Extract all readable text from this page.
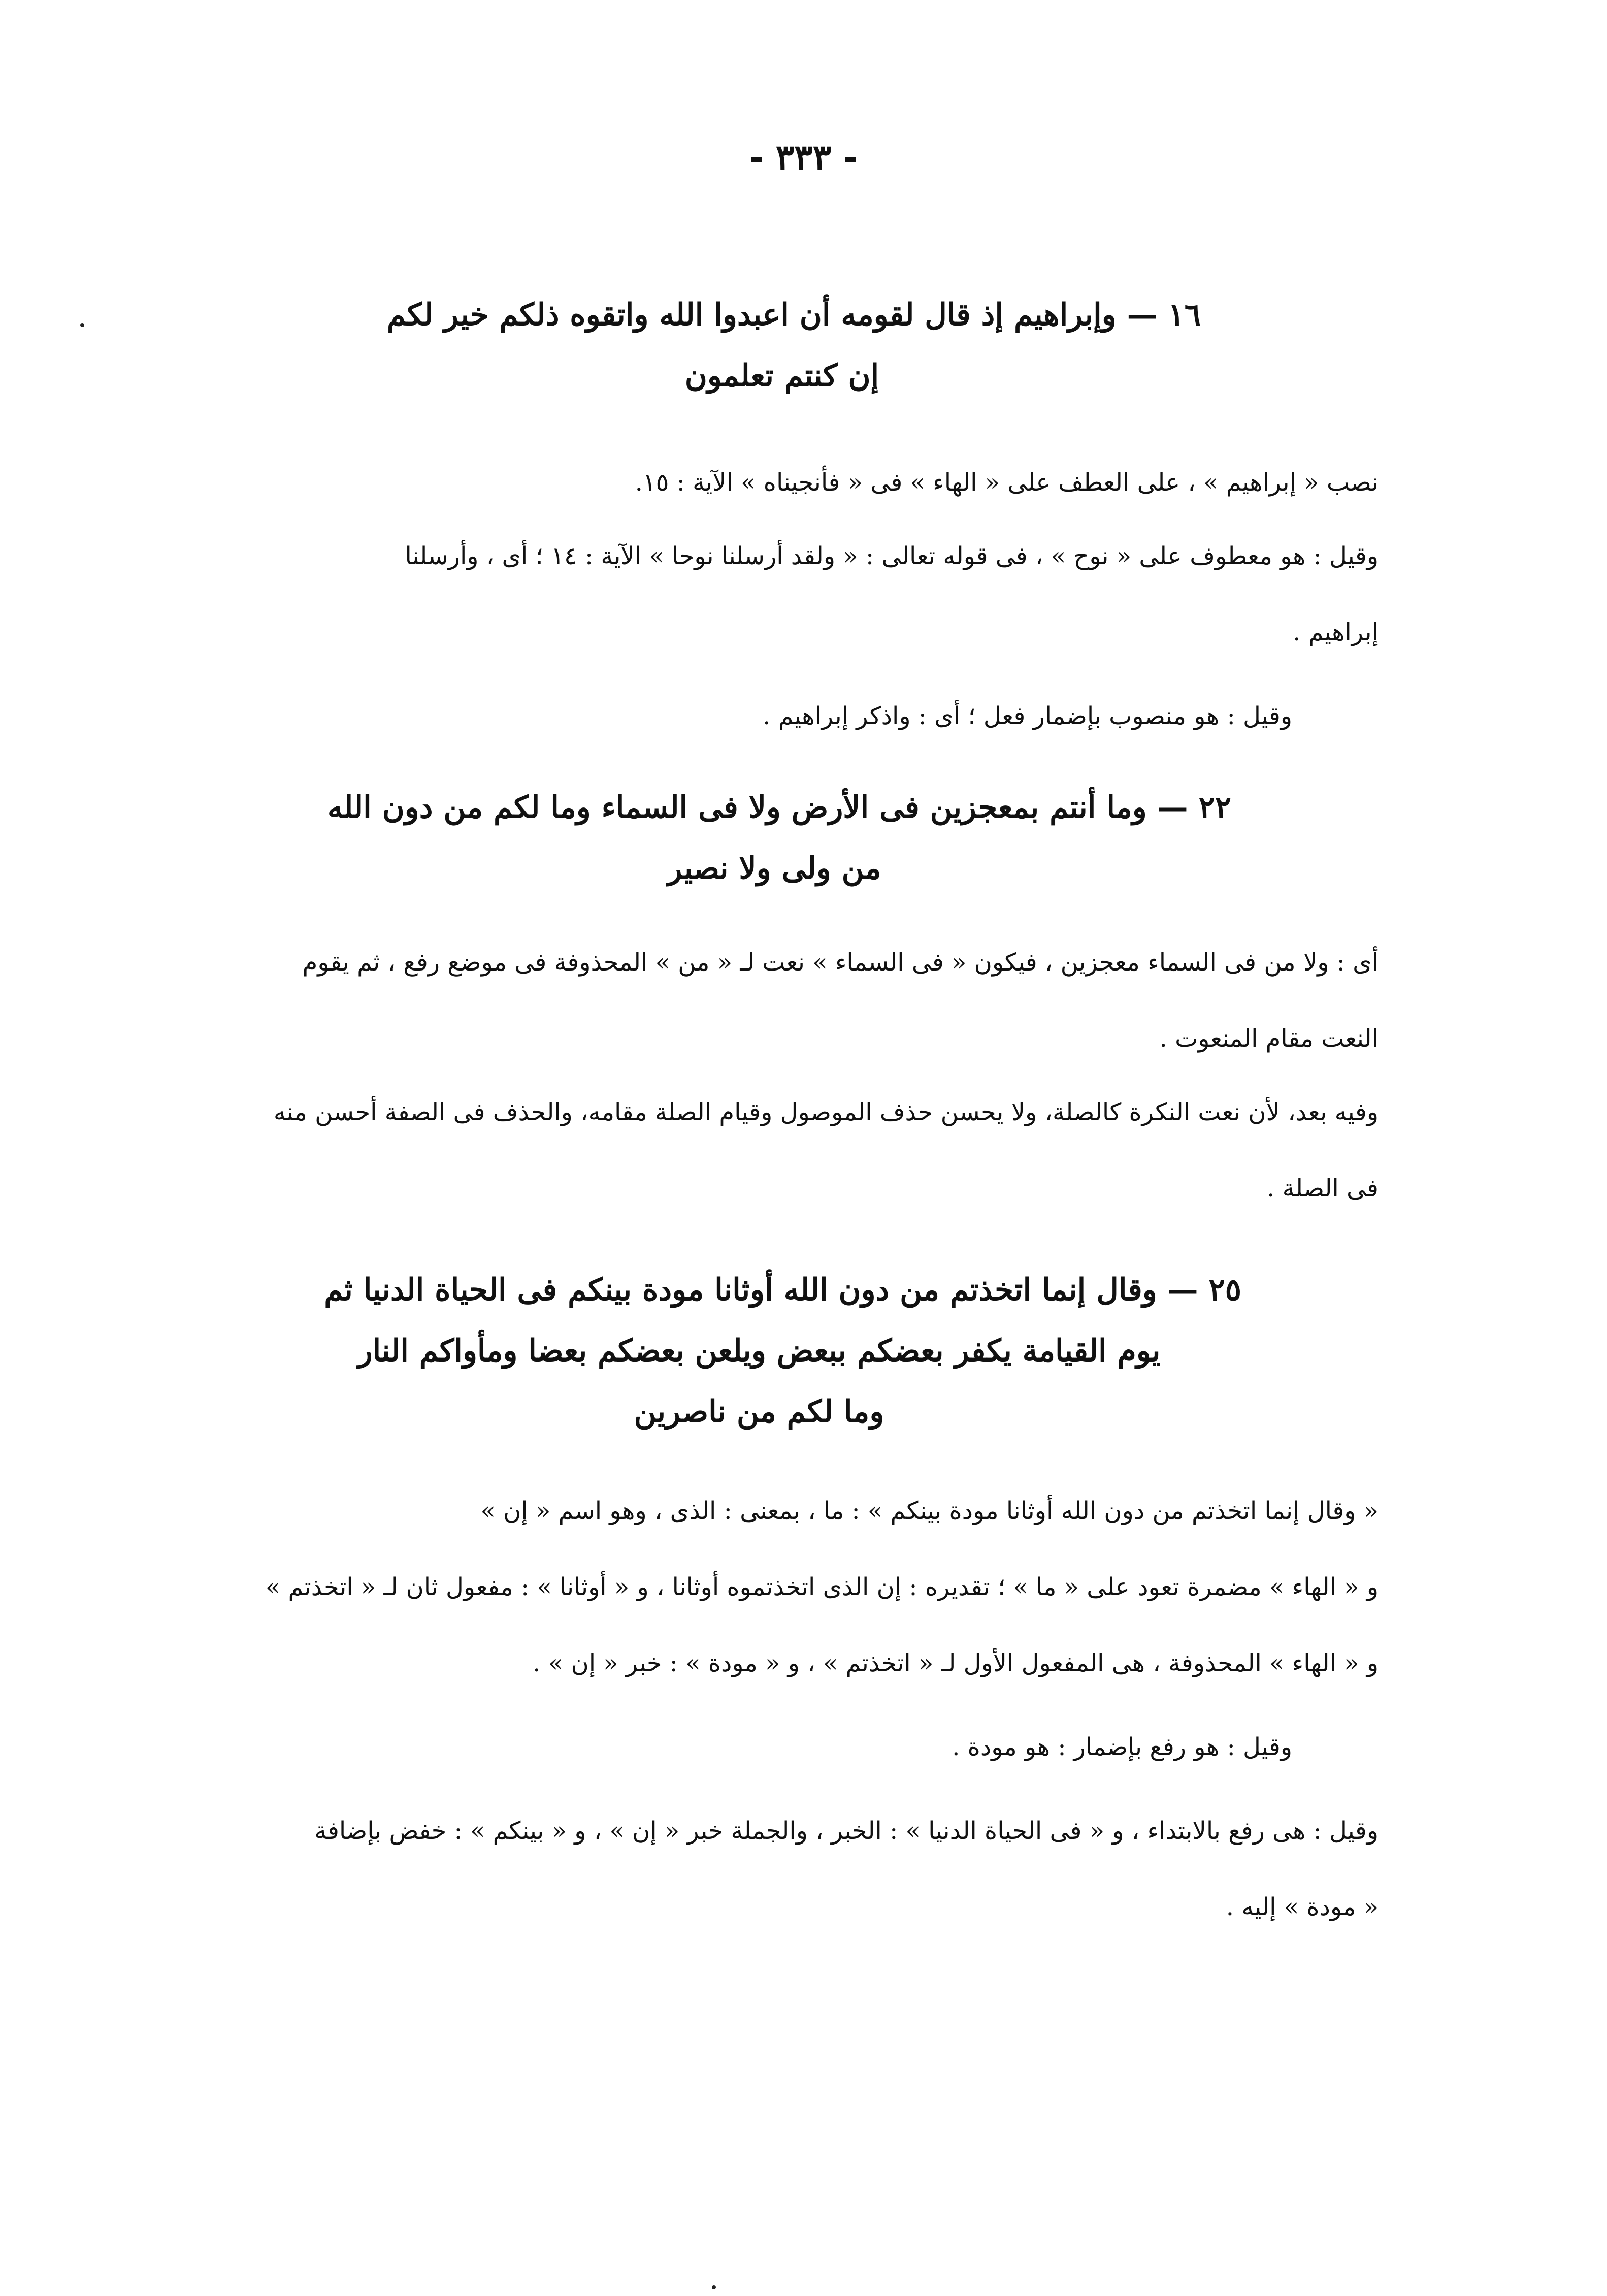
- ٣٣٣ -
١٦ — وإبراهيم إذ قال لقومه أن اعبدوا الله واتقوه ذلكم خير لكم
إن كنتم تعلمون
نصب « إبراهيم » ، على العطف على « الهاء » فى « فأنجيناه » الآية : ١٥.
وقيل : هو معطوف على « نوح » ، فى قوله تعالى : « ولقد أرسلنا نوحا » الآية : ١٤ ؛ أى ، وأرسلنا
إبراهيم .
وقيل : هو منصوب بإضمار فعل ؛ أى : واذكر إبراهيم .
٢٢ — وما أنتم بمعجزين فى الأرض ولا فى السماء وما لكم من دون الله
من ولى ولا نصير
أى : ولا من فى السماء معجزين ، فيكون « فى السماء » نعت لـ « من » المحذوفة فى موضع رفع ، ثم يقوم
النعت مقام المنعوت .
وفيه بعد، لأن نعت النكرة كالصلة، ولا يحسن حذف الموصول وقيام الصلة مقامه، والحذف فى الصفة أحسن منه
فى الصلة .
٢٥ — وقال إنما اتخذتم من دون الله أوثانا مودة بينكم فى الحياة الدنيا ثم
يوم القيامة يكفر بعضكم ببعض ويلعن بعضكم بعضا ومأواكم النار
وما لكم من ناصرين
« وقال إنما اتخذتم من دون الله أوثانا مودة بينكم » : ما ، بمعنى : الذى ، وهو اسم « إن »
و « الهاء » مضمرة تعود على « ما » ؛ تقديره : إن الذى اتخذتموه أوثانا ، و « أوثانا » : مفعول ثان لـ « اتخذتم »
و « الهاء » المحذوفة ، هى المفعول الأول لـ « اتخذتم » ، و « مودة » : خبر « إن » .
وقيل : هو رفع بإضمار : هو مودة .
وقيل : هى رفع بالابتداء ، و « فى الحياة الدنيا » : الخبر ، والجملة خبر « إن » ، و « بينكم » : خفض بإضافة
« مودة » إليه .
